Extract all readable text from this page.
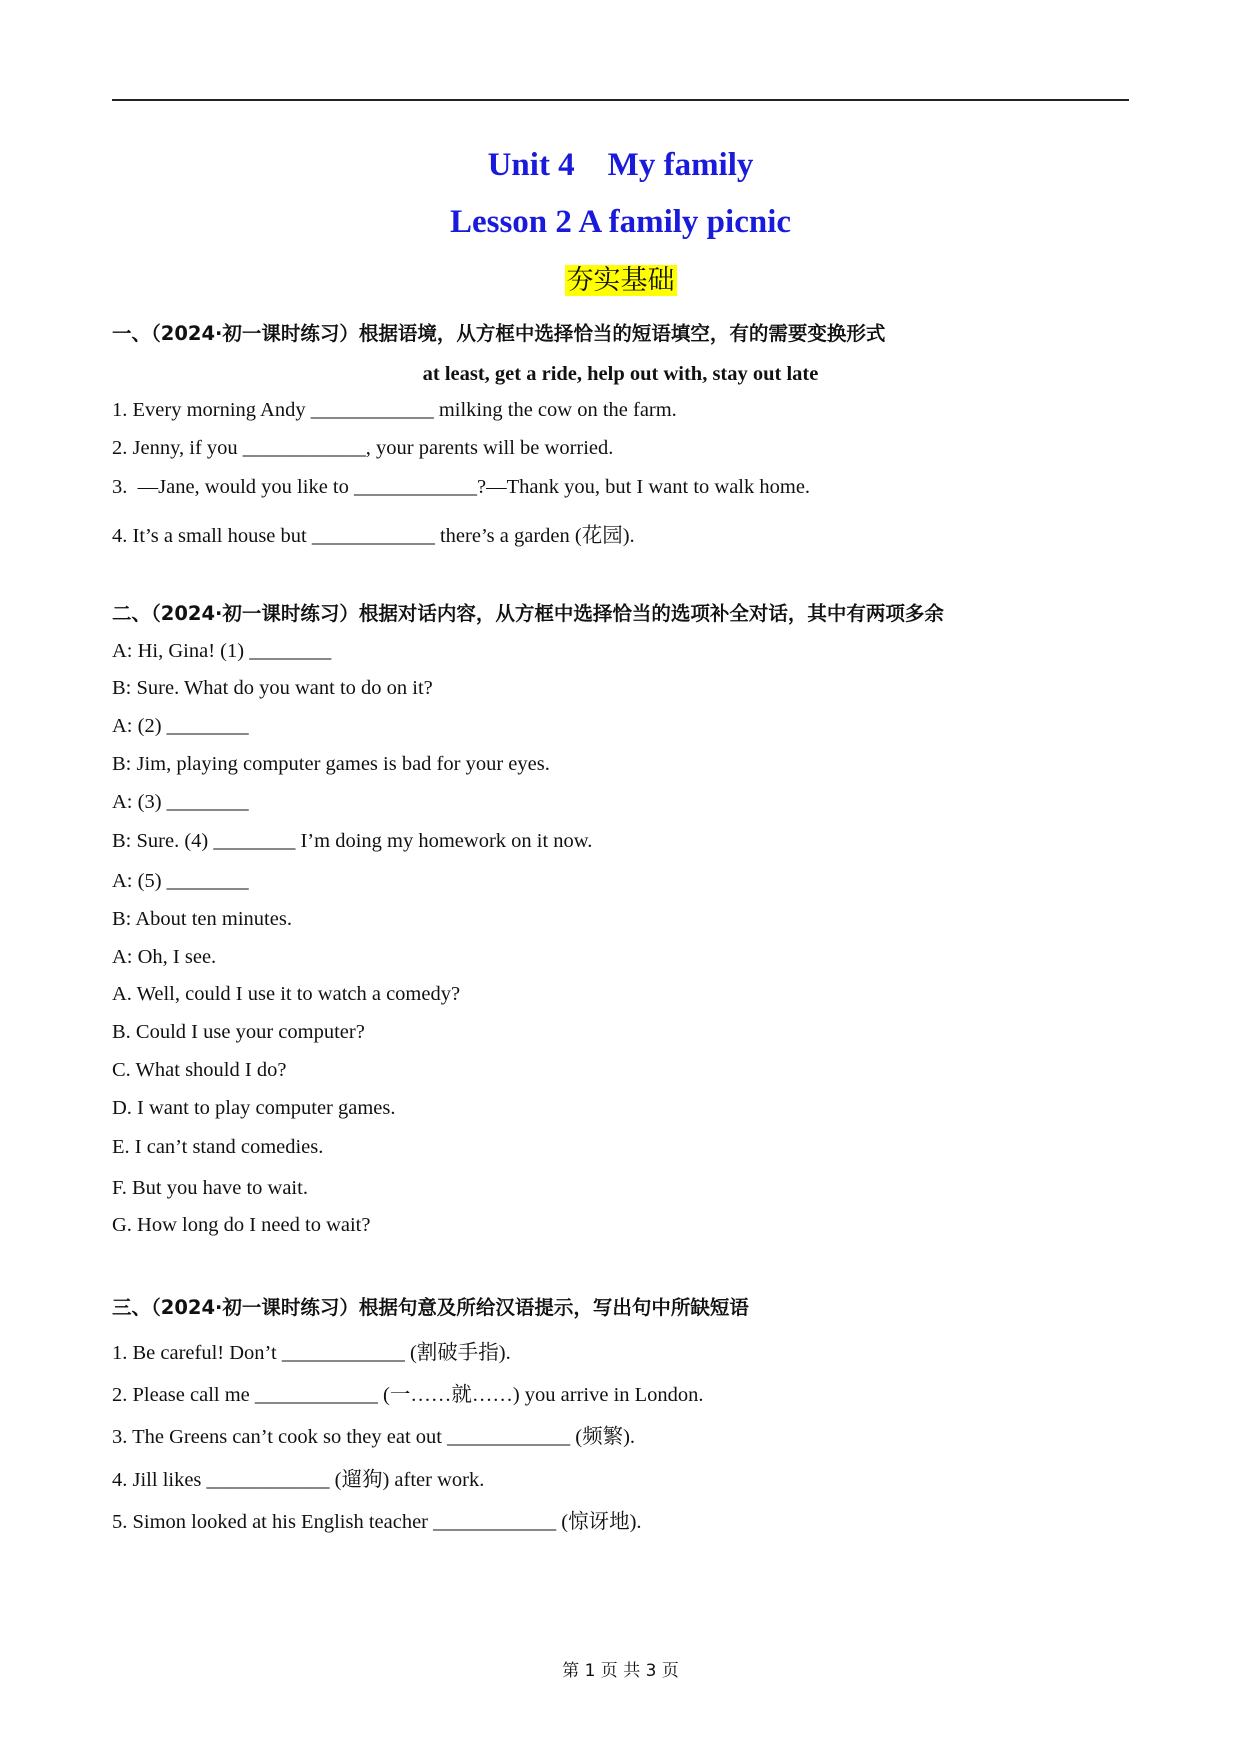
Unit 4    My family
Lesson 2 A family picnic
夯实基础
一、（2024·初一课时练习）根据语境，从方框中选择恰当的短语填空，有的需要变换形式
at least, get a ride, help out with, stay out late
1. Every morning Andy ____________ milking the cow on the farm.
2. Jenny, if you ____________, your parents will be worried.
3.  —Jane, would you like to ____________?—Thank you, but I want to walk home.
4. It’s a small house but ____________ there’s a garden (花园).
二、（2024·初一课时练习）根据对话内容，从方框中选择恰当的选项补全对话，其中有两项多余
A: Hi, Gina! (1) ________
B: Sure. What do you want to do on it?
A: (2) ________
B: Jim, playing computer games is bad for your eyes.
A: (3) ________
B: Sure. (4) ________ I’m doing my homework on it now.
A: (5) ________
B: About ten minutes.
A: Oh, I see.
A. Well, could I use it to watch a comedy?
B. Could I use your computer?
C. What should I do?
D. I want to play computer games.
E. I can’t stand comedies.
F. But you have to wait.
G. How long do I need to wait?
三、（2024·初一课时练习）根据句意及所给汉语提示，写出句中所缺短语
1. Be careful! Don’t ____________ (割破手指).
2. Please call me ____________ (一……就……) you arrive in London.
3. The Greens can’t cook so they eat out ____________ (频繁).
4. Jill likes ____________ (遛狗) after work.
5. Simon looked at his English teacher ____________ (惊讶地).
第 1 页 共 3 页
